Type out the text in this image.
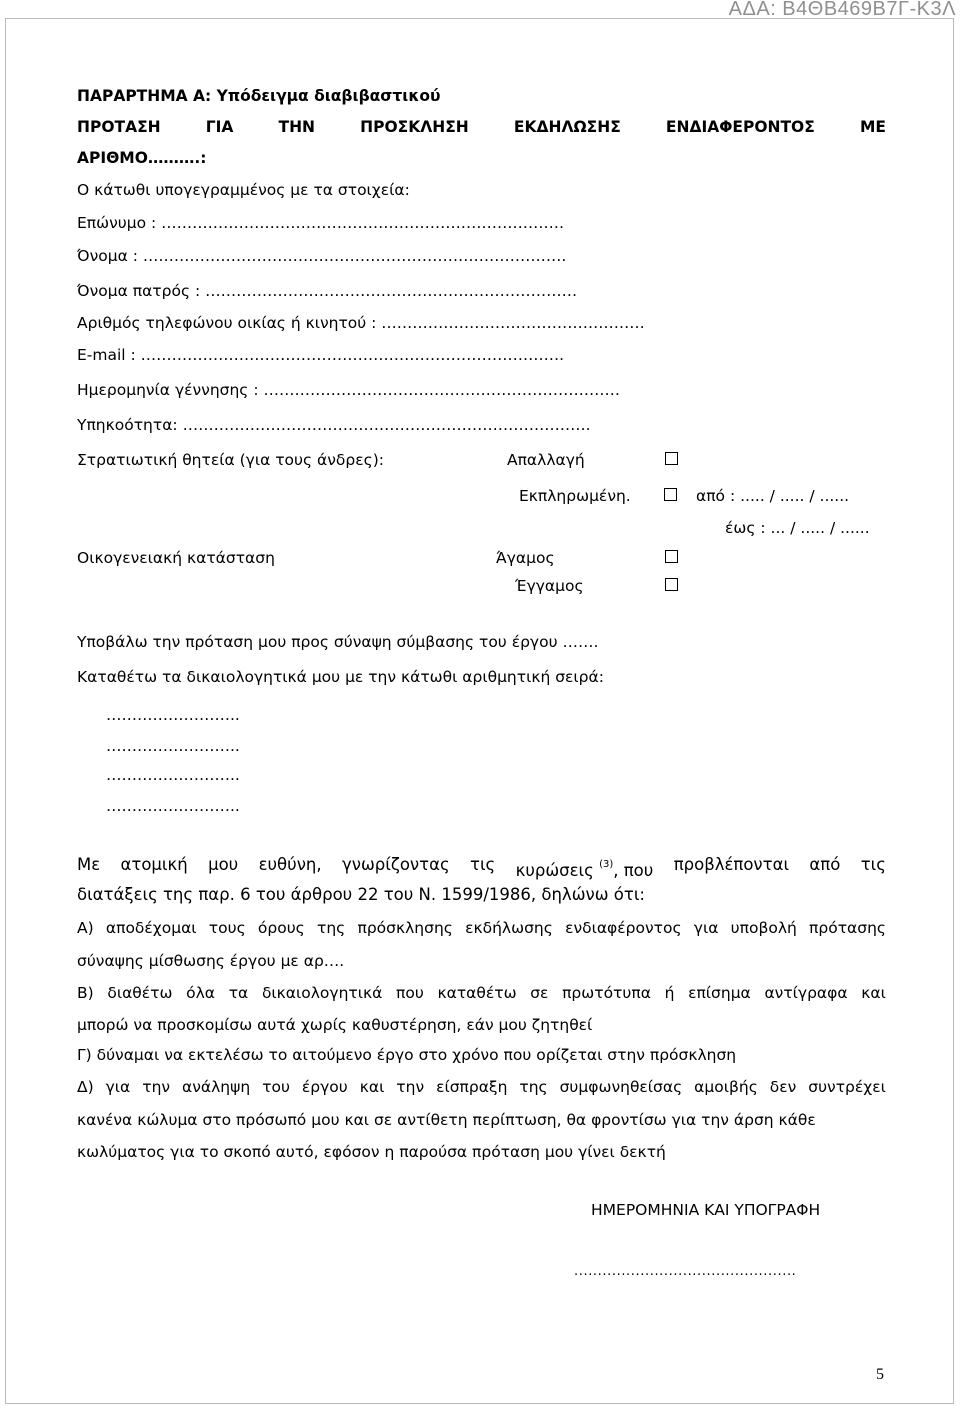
ΑΔΑ: Β4ΘΒ469Β7Γ-Κ3Λ
ΠΑΡΑΡΤΗΜΑ Α: Υπόδειγμα διαβιβαστικού
ΠΡΟΤΑΣΗ	ΓΙΑ	ΤΗΝ	ΠΡΟΣΚΛΗΣΗ	ΕΚΔΗΛΩΣΗΣ	ΕΝΔΙΑΦΕΡΟΝΤΟΣ	ΜΕ
ΑΡΙΘΜΟ……….:
Ο κάτωθι υπογεγραμμένος με τα στοιχεία:
Επώνυμο : ……………………………………………………………………
Όνομα : ……………………………………………………………………….
Όνομα πατρός : ………………………………………………………………
Αριθμός τηλεφώνου οικίας ή κινητού : ……………………………………………
E-mail : ……………………………………………………………………….
Ημερομηνία γέννησης : ……………………………………………………………
Υπηκοότητα: …………………………………………………………………….
Στρατιωτική θητεία (για τους άνδρες):	Απαλλαγή
Εκπληρωμένη.	από : ..... / ..... / ......
έως : ... / ..... / ......
Οικογενειακή κατάσταση	Άγαμος
Έγγαμος
Υποβάλω την πρόταση μου προς σύναψη σύμβασης του έργου …….
Καταθέτω τα δικαιολογητικά μου με την κάτωθι αριθμητική σειρά:
……………………..
……………………..
……………………..
……………………..
Με ατομική μου ευθύνη, γνωρίζοντας τις κυρώσεις $^{(3)}$, που προβλέπονται από τις
διατάξεις της παρ. 6 του άρθρου 22 του Ν. 1599/1986, δηλώνω ότι:
Α) αποδέχομαι τους όρους της πρόσκλησης εκδήλωσης ενδιαφέροντος για υποβολή πρότασης
σύναψης μίσθωσης έργου με αρ….
Β) διαθέτω όλα τα δικαιολογητικά που καταθέτω σε πρωτότυπα ή επίσημα αντίγραφα και
μπορώ να προσκομίσω αυτά χωρίς καθυστέρηση, εάν μου ζητηθεί
Γ) δύναμαι να εκτελέσω το αιτούμενο έργο στο χρόνο που ορίζεται στην πρόσκληση
Δ) για την ανάληψη του έργου και την είσπραξη της συμφωνηθείσας αμοιβής δεν συντρέχει
κανένα κώλυμα στο πρόσωπό μου και σε αντίθετη περίπτωση, θα φροντίσω για την άρση κάθε
κωλύματος για το σκοπό αυτό, εφόσον η παρούσα πρόταση μου γίνει δεκτή
ΗΜΕΡΟΜΗΝΙΑ ΚΑΙ ΥΠΟΓΡΑΦΗ
...............................................
5
